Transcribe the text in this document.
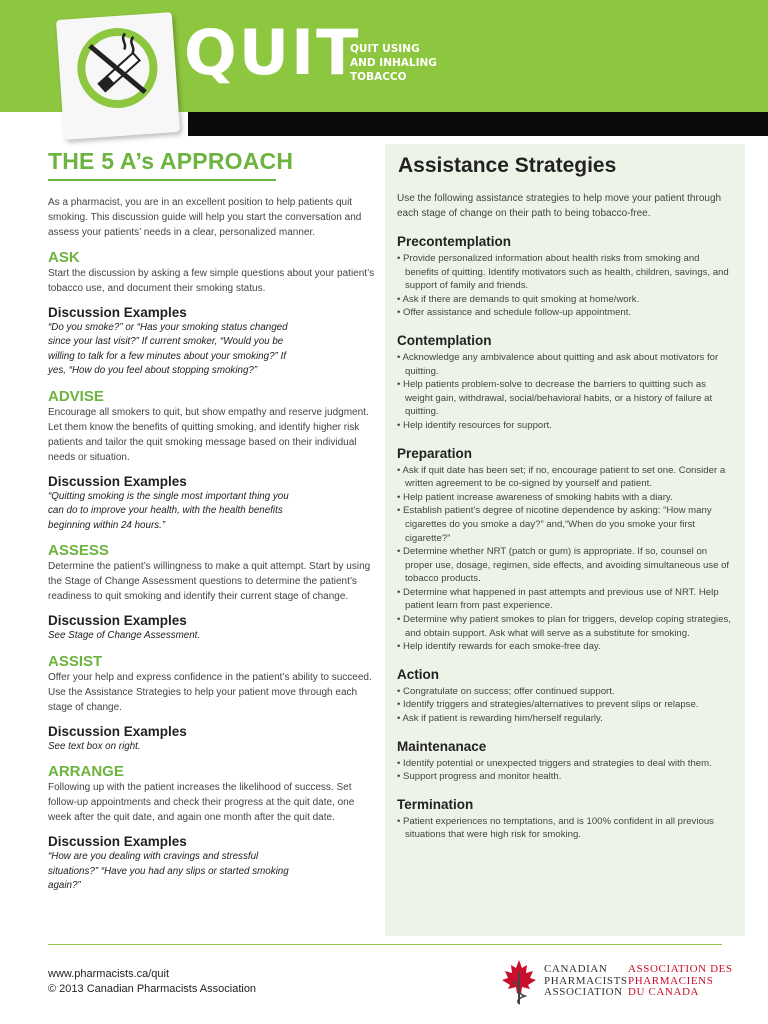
QUIT
QUIT USING
AND INHALING
TOBACCO
THE 5 A’s APPROACH
As a pharmacist, you are in an excellent position to help patients quit smoking. This discussion guide will help you start the conversation and assess your patients’ needs in a clear, personalized manner.
ASK
Start the discussion by asking a few simple questions about your patient’s tobacco use, and document their smoking status.
Discussion Examples
“Do you smoke?” or “Has your smoking status changed since your last visit?” If current smoker, “Would you be willing to talk for a few minutes about your smoking?” If yes, “How do you feel about stopping smoking?”
ADVISE
Encourage all smokers to quit, but show empathy and reserve judgment. Let them know the benefits of quitting smoking, and identify higher risk patients and tailor the quit smoking message based on their individual needs or situation.
Discussion Examples
“Quitting smoking is the single most important thing you can do to improve your health, with the health benefits beginning within 24 hours.”
ASSESS
Determine the patient’s willingness to make a quit attempt. Start by using the Stage of Change Assessment questions to determine the patient’s readiness to quit smoking and identify their current stage of change.
Discussion Examples
See Stage of Change Assessment.
ASSIST
Offer your help and express confidence in the patient’s ability to succeed. Use the Assistance Strategies to help your patient move through each stage of change.
Discussion Examples
See text box on right.
ARRANGE
Following up with the patient increases the likelihood of success. Set follow-up appointments and check their progress at the quit date, one week after the quit date, and again one month after the quit date.
Discussion Examples
“How are you dealing with cravings and stressful situations?” “Have you had any slips or started smoking again?”
Assistance Strategies
Use the following assistance strategies to help move your patient through each stage of change on their path to being tobacco-free.
Precontemplation
• Provide personalized information about health risks from smoking and benefits of quitting. Identify motivators such as health, children, savings, and support of family and friends.
• Ask if there are demands to quit smoking at home/work.
• Offer assistance and schedule follow-up appointment.
Contemplation
• Acknowledge any ambivalence about quitting and ask about motivators for quitting.
• Help patients problem-solve to decrease the barriers to quitting such as weight gain, withdrawal, social/behavioral habits, or a history of failure at quitting.
• Help identify resources for support.
Preparation
• Ask if quit date has been set; if no, encourage patient to set one. Consider a written agreement to be co-signed by yourself and patient.
• Help patient increase awareness of smoking habits with a diary.
• Establish patient’s degree of nicotine dependence by asking: “How many cigarettes do you smoke a day?” and,“When do you smoke your first cigarette?”
• Determine whether NRT (patch or gum) is appropriate. If so, counsel on proper use, dosage, regimen, side effects, and avoiding simultaneous use of tobacco products.
• Determine what happened in past attempts and previous use of NRT. Help patient learn from past experience.
• Determine why patient smokes to plan for triggers, develop coping strategies, and obtain support. Ask what will serve as a substitute for smoking.
• Help identify rewards for each smoke-free day.
Action
• Congratulate on success; offer continued support.
• Identify triggers and strategies/alternatives to prevent slips or relapse.
• Ask if patient is rewarding him/herself regularly.
Maintenanace
• Identify potential or unexpected triggers and strategies to deal with them.
• Support progress and monitor health.
Termination
• Patient experiences no temptations, and is 100% confident in all previous situations that were high risk for smoking.
www.pharmacists.ca/quit
© 2013 Canadian Pharmacists Association
CANADIAN
PHARMACISTS
ASSOCIATION
ASSOCIATION DES
PHARMACIENS
DU CANADA
